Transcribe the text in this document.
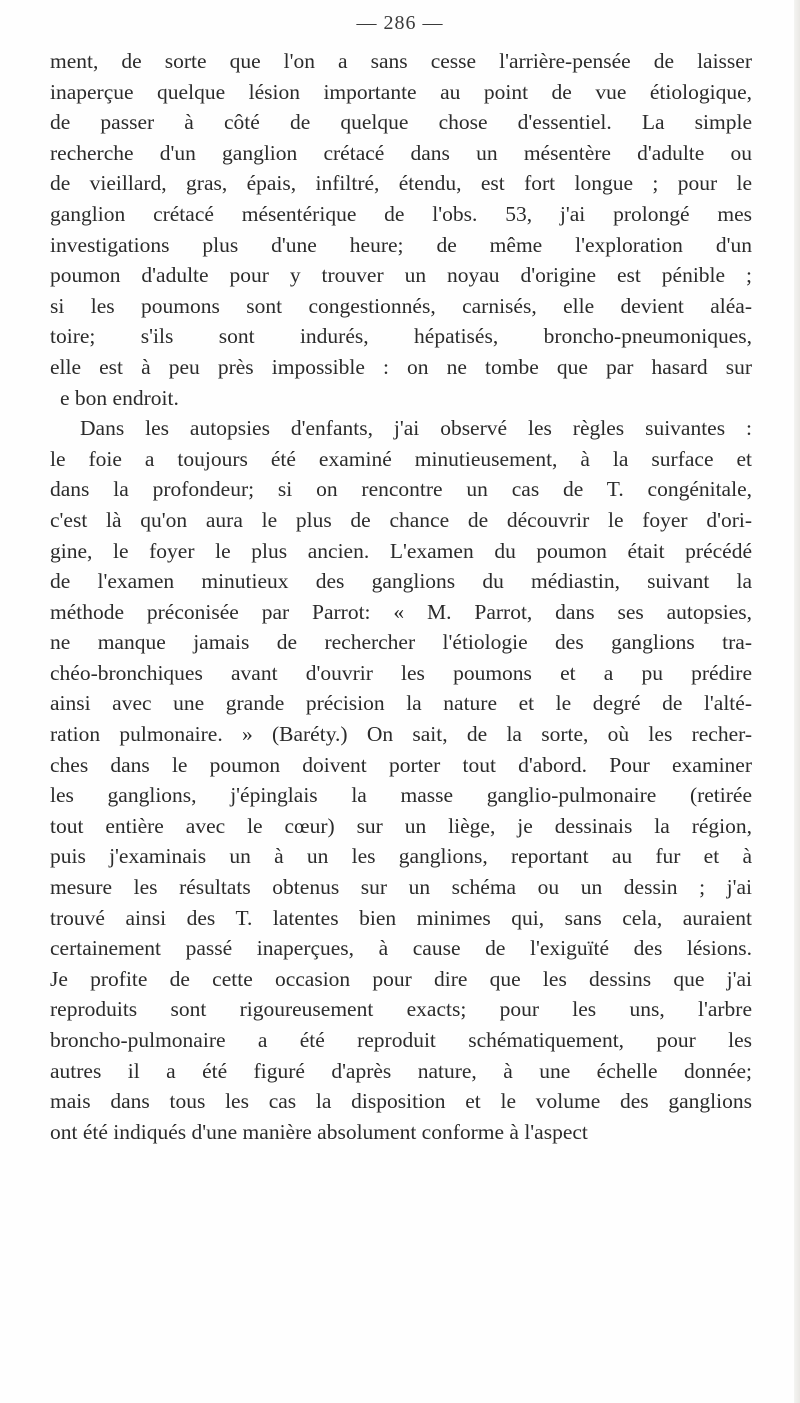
— 286 —
ment, de sorte que l'on a sans cesse l'arrière-pensée de laisser
inaperçue quelque lésion importante au point de vue étiologique,
de passer à côté de quelque chose d'essentiel. La simple
recherche d'un ganglion crétacé dans un mésentère d'adulte ou
de vieillard, gras, épais, infiltré, étendu, est fort longue ; pour le
ganglion crétacé mésentérique de l'obs. 53, j'ai prolongé mes
investigations plus d'une heure; de même l'exploration d'un
poumon d'adulte pour y trouver un noyau d'origine est pénible ;
si les poumons sont congestionnés, carnisés, elle devient aléa-
toire; s'ils sont indurés, hépatisés, broncho-pneumoniques,
elle est à peu près impossible : on ne tombe que par hasard sur
e bon endroit.
Dans les autopsies d'enfants, j'ai observé les règles suivantes :
le foie a toujours été examiné minutieusement, à la surface et
dans la profondeur; si on rencontre un cas de T. congénitale,
c'est là qu'on aura le plus de chance de découvrir le foyer d'ori-
gine, le foyer le plus ancien. L'examen du poumon était précédé
de l'examen minutieux des ganglions du médiastin, suivant la
méthode préconisée par Parrot: « M. Parrot, dans ses autopsies,
ne manque jamais de rechercher l'étiologie des ganglions tra-
chéo-bronchiques avant d'ouvrir les poumons et a pu prédire
ainsi avec une grande précision la nature et le degré de l'alté-
ration pulmonaire. » (Baréty.) On sait, de la sorte, où les recher-
ches dans le poumon doivent porter tout d'abord. Pour examiner
les ganglions, j'épinglais la masse ganglio-pulmonaire (retirée
tout entière avec le cœur) sur un liège, je dessinais la région,
puis j'examinais un à un les ganglions, reportant au fur et à
mesure les résultats obtenus sur un schéma ou un dessin ; j'ai
trouvé ainsi des T. latentes bien minimes qui, sans cela, auraient
certainement passé inaperçues, à cause de l'exiguïté des lésions.
Je profite de cette occasion pour dire que les dessins que j'ai
reproduits sont rigoureusement exacts; pour les uns, l'arbre
broncho-pulmonaire a été reproduit schématiquement, pour les
autres il a été figuré d'après nature, à une échelle donnée;
mais dans tous les cas la disposition et le volume des ganglions
ont été indiqués d'une manière absolument conforme à l'aspect
